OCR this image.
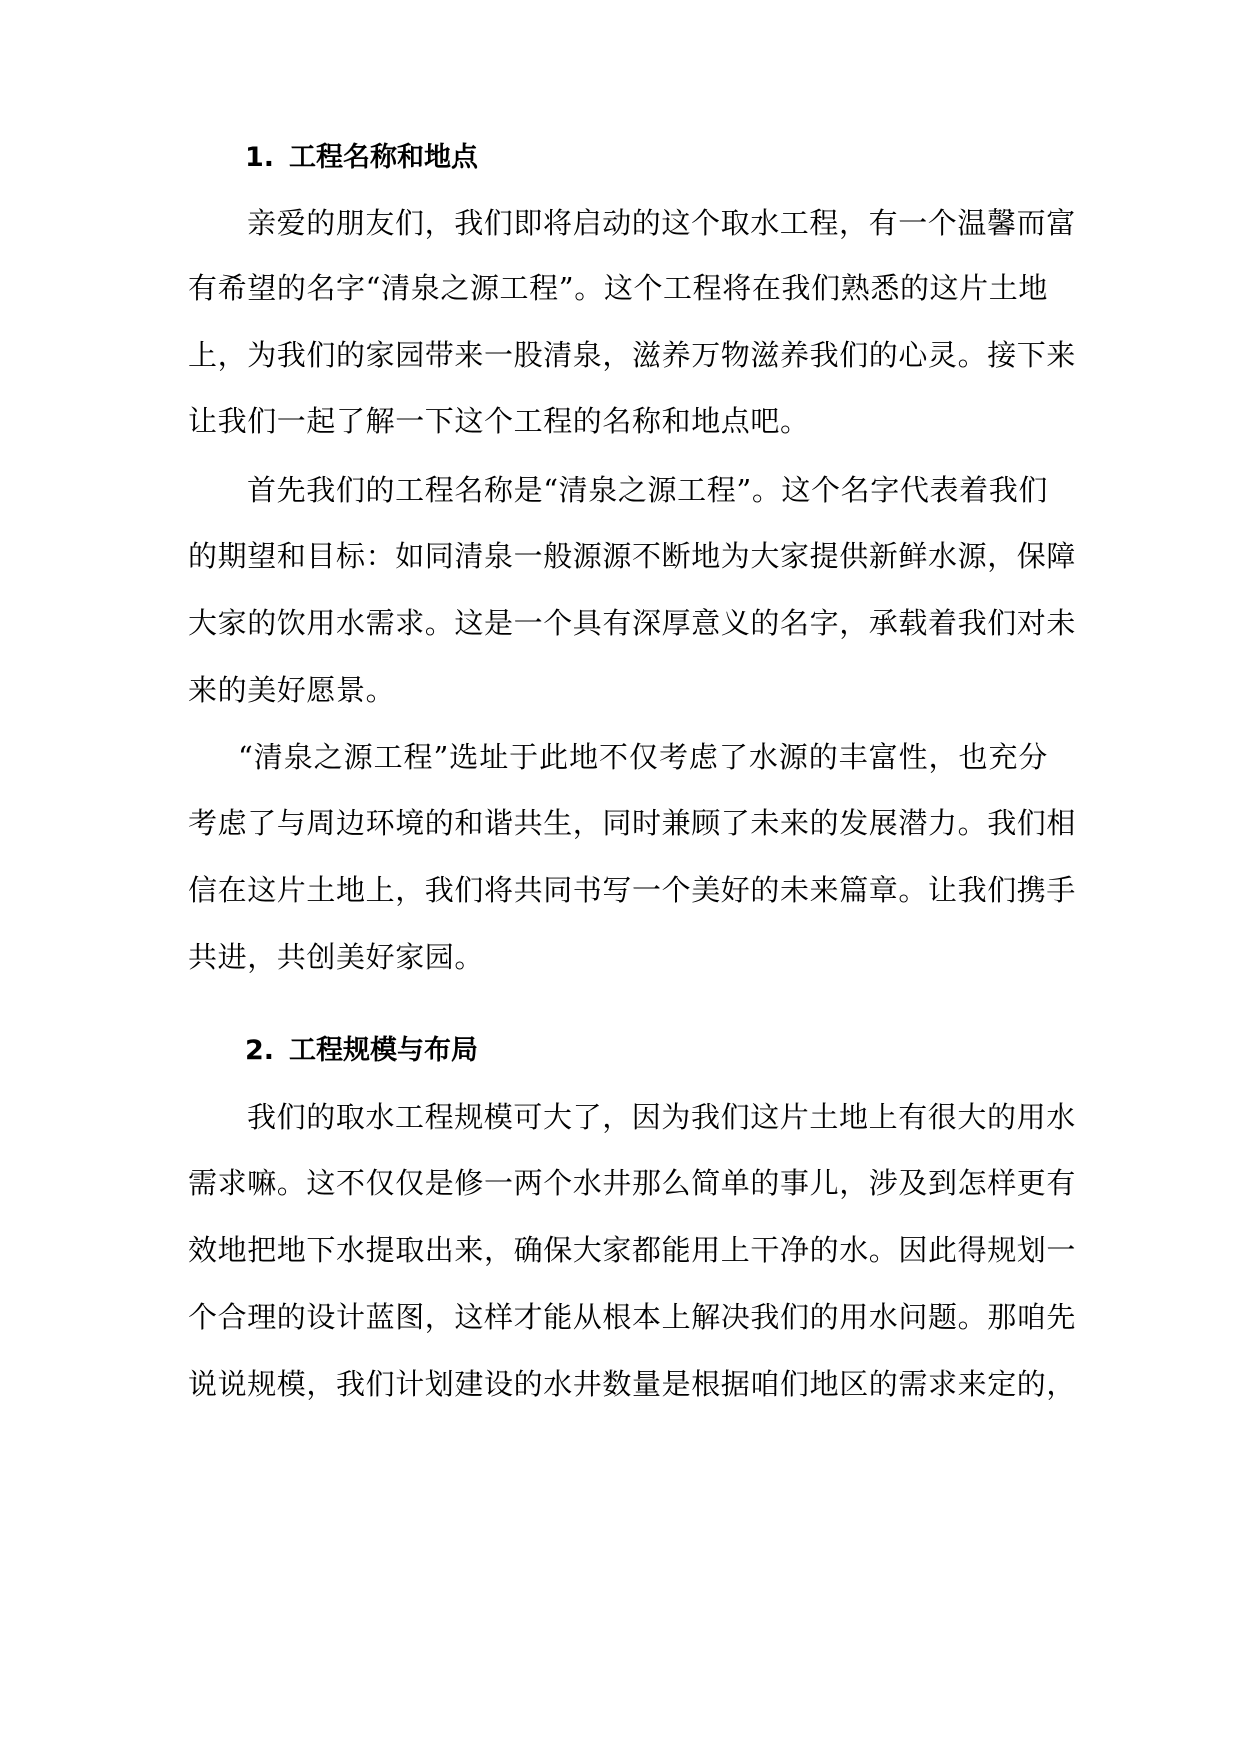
1. 工程名称和地点
亲爱的朋友们，我们即将启动的这个取水工程，有一个温馨而富
有希望的名字“清泉之源工程”。这个工程将在我们熟悉的这片土地
上，为我们的家园带来一股清泉，滋养万物滋养我们的心灵。接下来
让我们一起了解一下这个工程的名称和地点吧。
首先我们的工程名称是“清泉之源工程”。这个名字代表着我们
的期望和目标：如同清泉一般源源不断地为大家提供新鲜水源，保障
大家的饮用水需求。这是一个具有深厚意义的名字，承载着我们对未
来的美好愿景。
“清泉之源工程”选址于此地不仅考虑了水源的丰富性，也充分
考虑了与周边环境的和谐共生，同时兼顾了未来的发展潜力。我们相
信在这片土地上，我们将共同书写一个美好的未来篇章。让我们携手
共进，共创美好家园。
2. 工程规模与布局
我们的取水工程规模可大了，因为我们这片土地上有很大的用水
需求嘛。这不仅仅是修一两个水井那么简单的事儿，涉及到怎样更有
效地把地下水提取出来，确保大家都能用上干净的水。因此得规划一
个合理的设计蓝图，这样才能从根本上解决我们的用水问题。那咱先
说说规模，我们计划建设的水井数量是根据咱们地区的需求来定的，
